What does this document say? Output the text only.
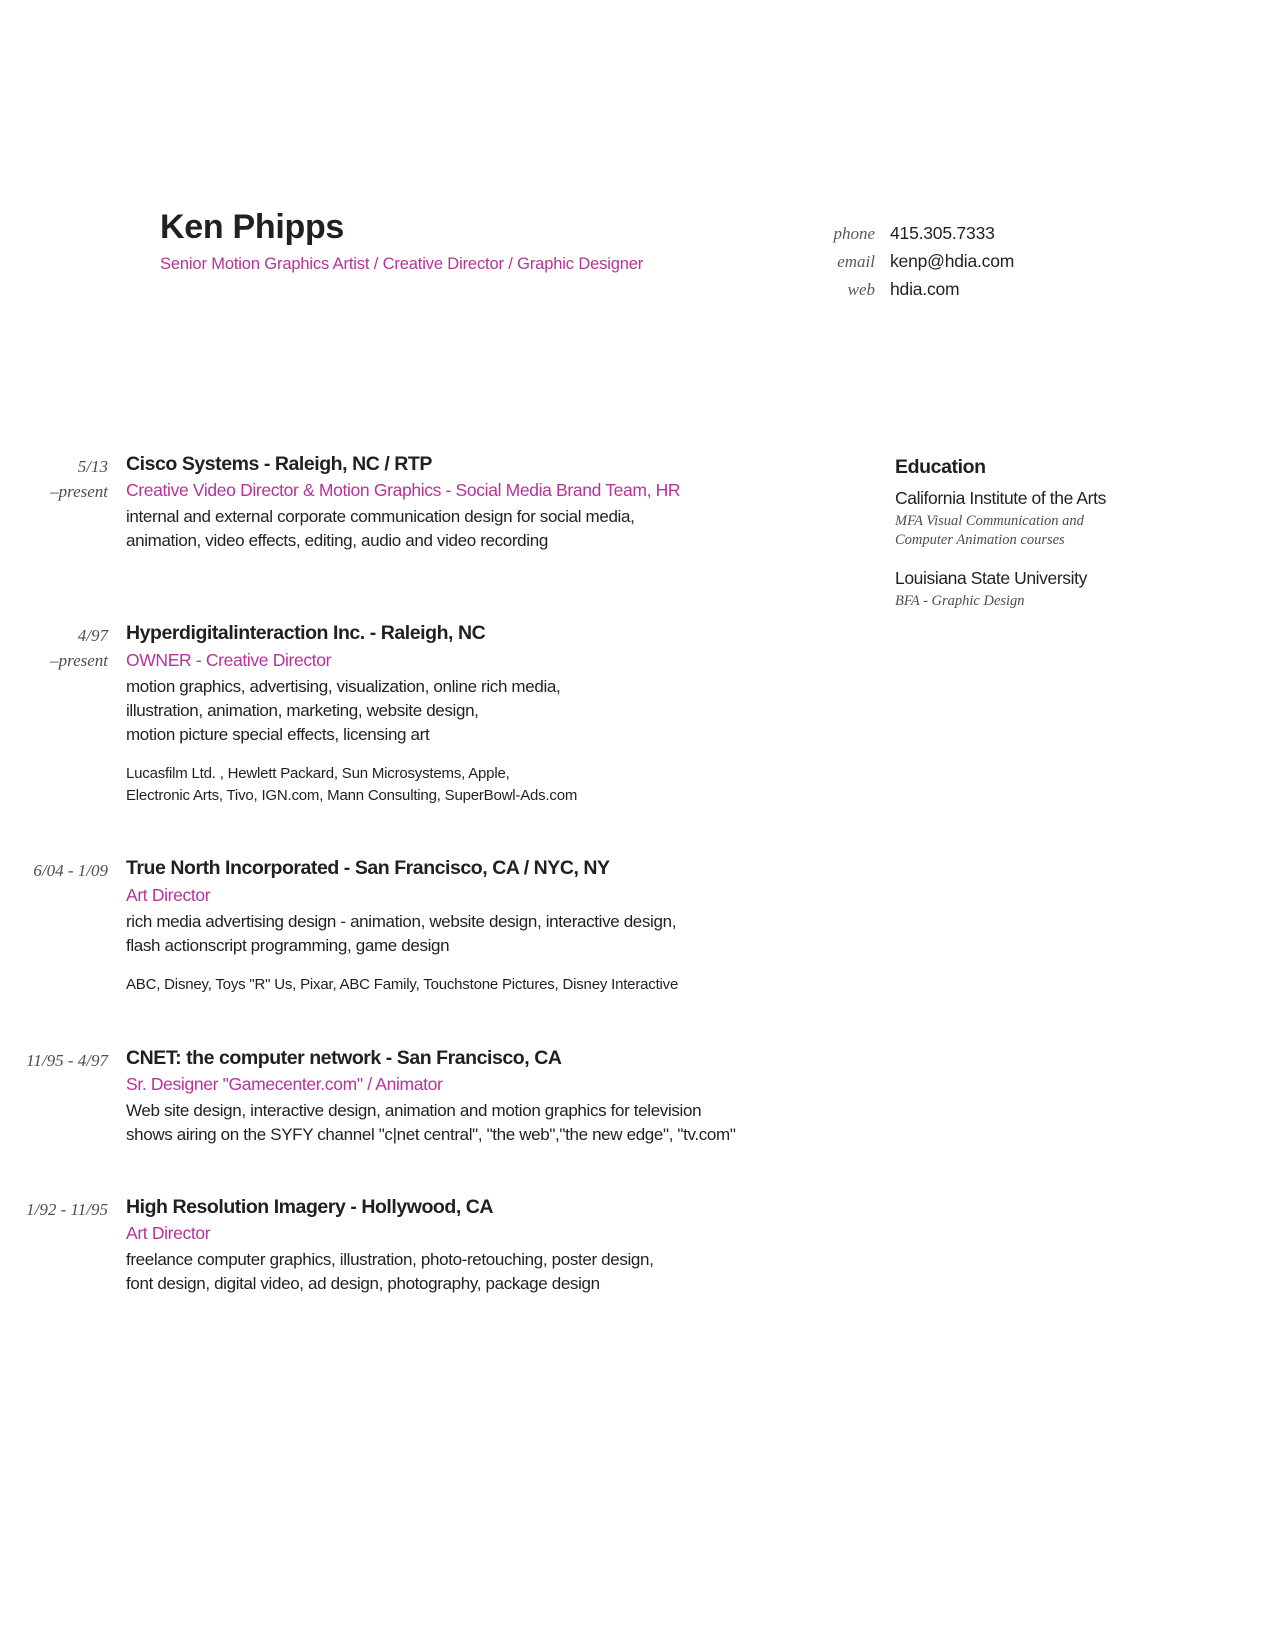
Ken Phipps
Senior Motion Graphics Artist / Creative Director / Graphic Designer
phone 415.305.7333
email kenp@hdia.com
web hdia.com
5/13
–present
Cisco Systems - Raleigh, NC / RTP
Creative Video Director & Motion Graphics - Social Media Brand Team, HR
internal and external corporate communication design for social media,
animation, video effects, editing, audio and video recording
4/97
–present
Hyperdigitalinteraction Inc. - Raleigh, NC
OWNER - Creative Director
motion graphics, advertising, visualization, online rich media,
illustration, animation, marketing, website design,
motion picture special effects, licensing art
Lucasfilm Ltd. , Hewlett Packard, Sun Microsystems, Apple,
Electronic Arts, Tivo, IGN.com, Mann Consulting, SuperBowl-Ads.com
6/04 - 1/09 True North Incorporated - San Francisco, CA / NYC, NY
Art Director
rich media advertising design - animation, website design, interactive design,
flash actionscript programming, game design
ABC, Disney, Toys "R" Us, Pixar, ABC Family, Touchstone Pictures, Disney Interactive
11/95 - 4/97 CNET: the computer network - San Francisco, CA
Sr. Designer "Gamecenter.com" / Animator
Web site design, interactive design, animation and motion graphics for television
shows airing on the SYFY channel "c|net central", "the web","the new edge", "tv.com"
1/92 - 11/95 High Resolution Imagery - Hollywood, CA
Art Director
freelance computer graphics, illustration, photo-retouching, poster design,
font design, digital video, ad design, photography, package design
Education
California Institute of the Arts
MFA Visual Communication and
Computer Animation courses
Louisiana State University
BFA - Graphic Design
